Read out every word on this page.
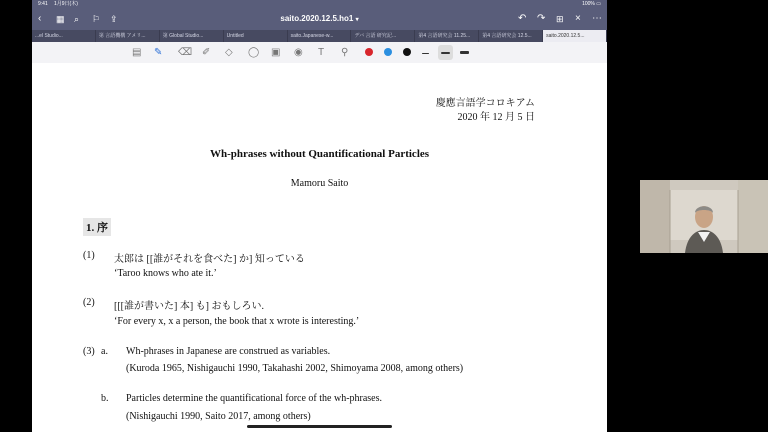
9:41 1月9日(木)	100% ▭
‹ ▦ ⌕ ⚐ ⇪	saito.2020.12.5.ho1 ▾	↶ ↷ ⊞ × ⋯
...el Studio...	第 言語機構 アメリ...	第 Global Studio...	Untitled	saito.Japanese-w...	デバ 言語 研究記...	第4 言語研究会 11.25...	第4 言語研究会 12.5...	saito.2020.12.5...
▤ ✎ ⌫ ✐ ◇ ◯ ▣ ◉ T ⚲
慶應言語学コロキアム
2020 年 12 月 5 日
Wh-phrases without Quantificational Particles
Mamoru Saito
1. 序
(1) 太郎は [[誰がそれを食べた] か] 知っている
‘Taroo knows who ate it.’
(2) [[[誰が書いた] 本] も] おもしろい.
‘For every x, x a person, the book that x wrote is interesting.’
(3) a. Wh-phrases in Japanese are construed as variables.
(Kuroda 1965, Nishigauchi 1990, Takahashi 2002, Shimoyama 2008, among others)
b. Particles determine the quantificational force of the wh-phrases.
(Nishigauchi 1990, Saito 2017, among others)
